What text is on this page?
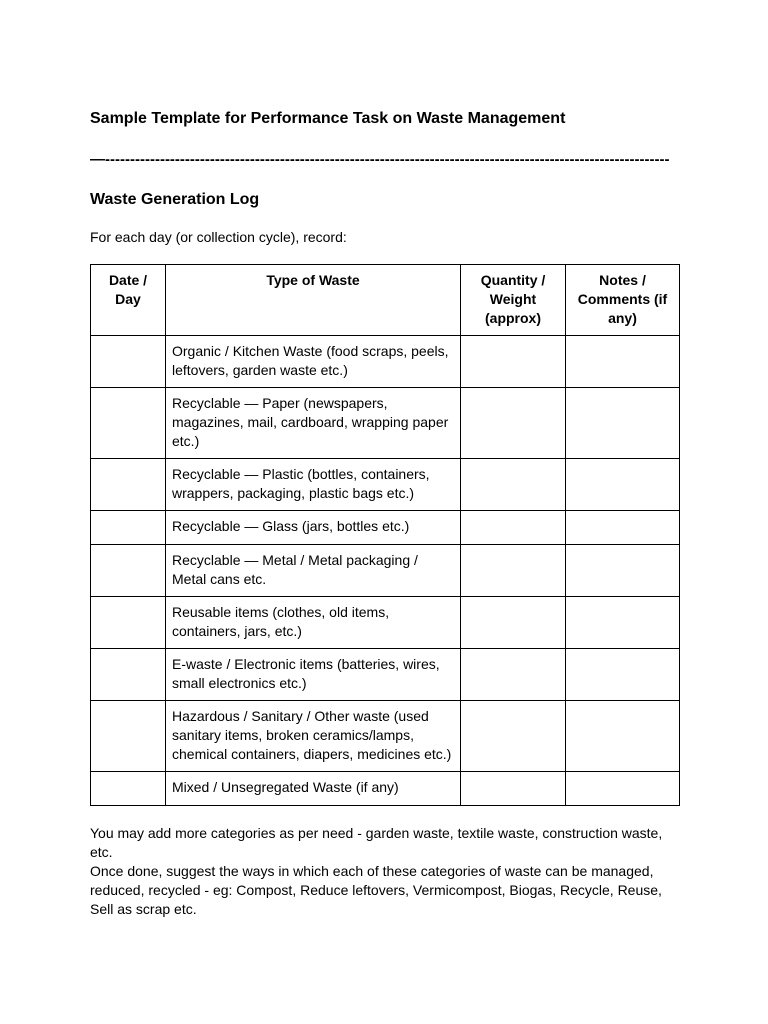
Sample Template for Performance Task on Waste Management
—-----------------------------------------------------------------------------------------------------------------
Waste Generation Log
For each day (or collection cycle), record:
Date / Day	Type of Waste	Quantity / Weight (approx)	Notes / Comments (if any)
	Organic / Kitchen Waste (food scraps, peels, leftovers, garden waste etc.)		
	Recyclable — Paper (newspapers, magazines, mail, cardboard, wrapping paper etc.)		
	Recyclable — Plastic (bottles, containers, wrappers, packaging, plastic bags etc.)		
	Recyclable — Glass (jars, bottles etc.)		
	Recyclable — Metal / Metal packaging / Metal cans etc.		
	Reusable items (clothes, old items, containers, jars, etc.)		
	E-waste / Electronic items (batteries, wires, small electronics etc.)		
	Hazardous / Sanitary / Other waste (used sanitary items, broken ceramics/lamps, chemical containers, diapers, medicines etc.)		
	Mixed / Unsegregated Waste (if any)		

You may add more categories as per need - garden waste, textile waste, construction waste, etc.

Once done, suggest the ways in which each of these categories of waste can be managed, reduced, recycled - eg: Compost, Reduce leftovers, Vermicompost, Biogas, Recycle, Reuse, Sell as scrap etc.
